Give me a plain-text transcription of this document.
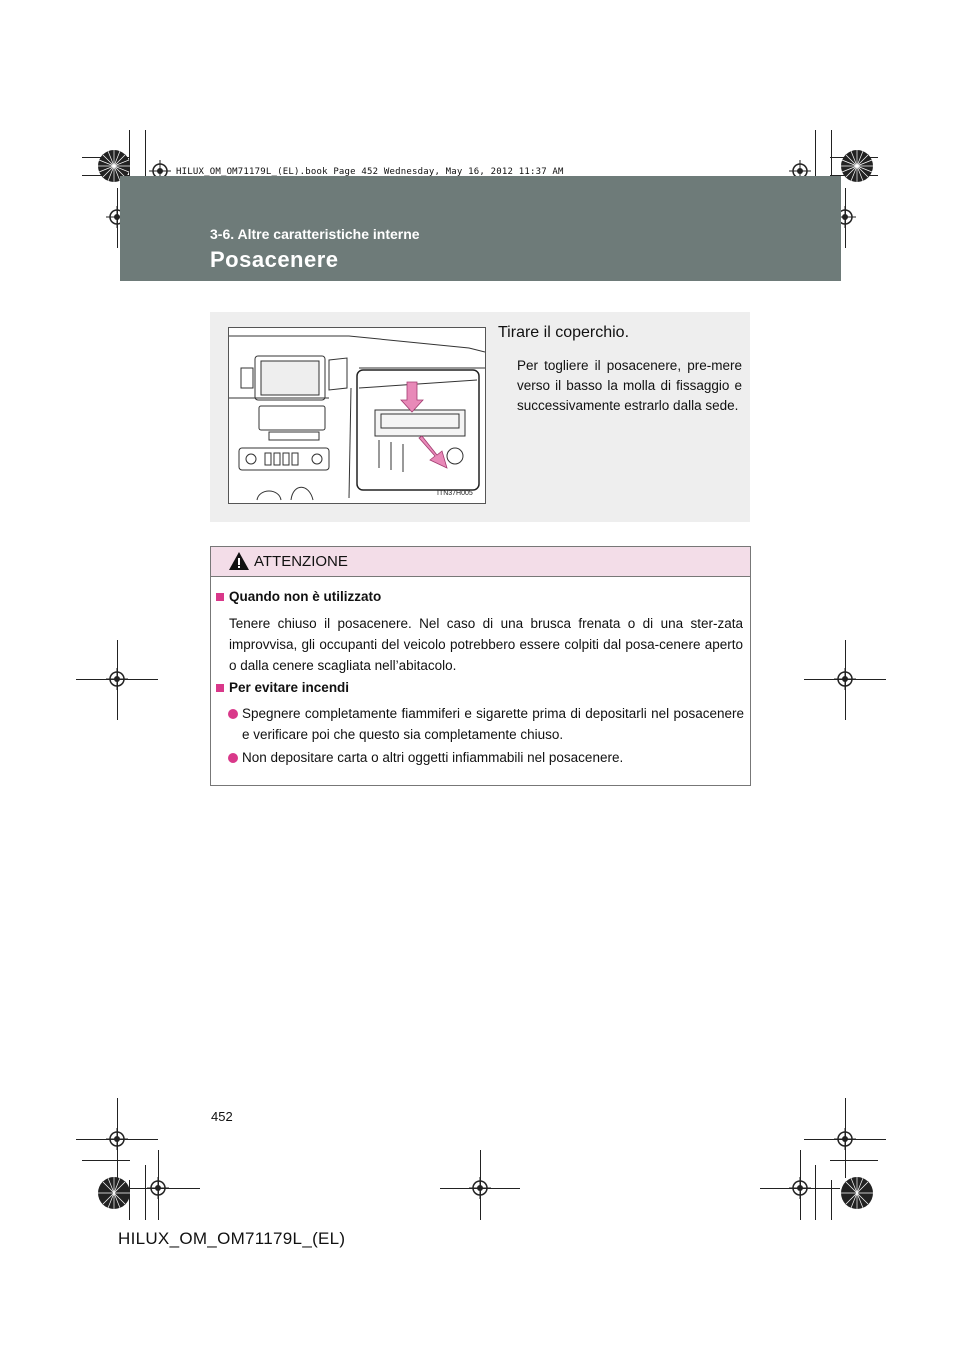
HILUX_OM_OM71179L_(EL).book Page 452 Wednesday, May 16, 2012 11:37 AM
3-6. Altre caratteristiche interne
Posacenere
ITN37H005
Tirare il coperchio.
Per togliere il posacenere, pre-mere verso il basso la molla di fissaggio e successivamente estrarlo dalla sede.
ATTENZIONE
Quando non è utilizzato
Tenere chiuso il posacenere. Nel caso di una brusca frenata o di una ster-zata improvvisa, gli occupanti del veicolo potrebbero essere colpiti dal posa-cenere aperto o dalla cenere scagliata nell’abitacolo.
Per evitare incendi
Spegnere completamente fiammiferi e sigarette prima di depositarli nel posacenere e verificare poi che questo sia completamente chiuso.
Non depositare carta o altri oggetti infiammabili nel posacenere.
452
HILUX_OM_OM71179L_(EL)
